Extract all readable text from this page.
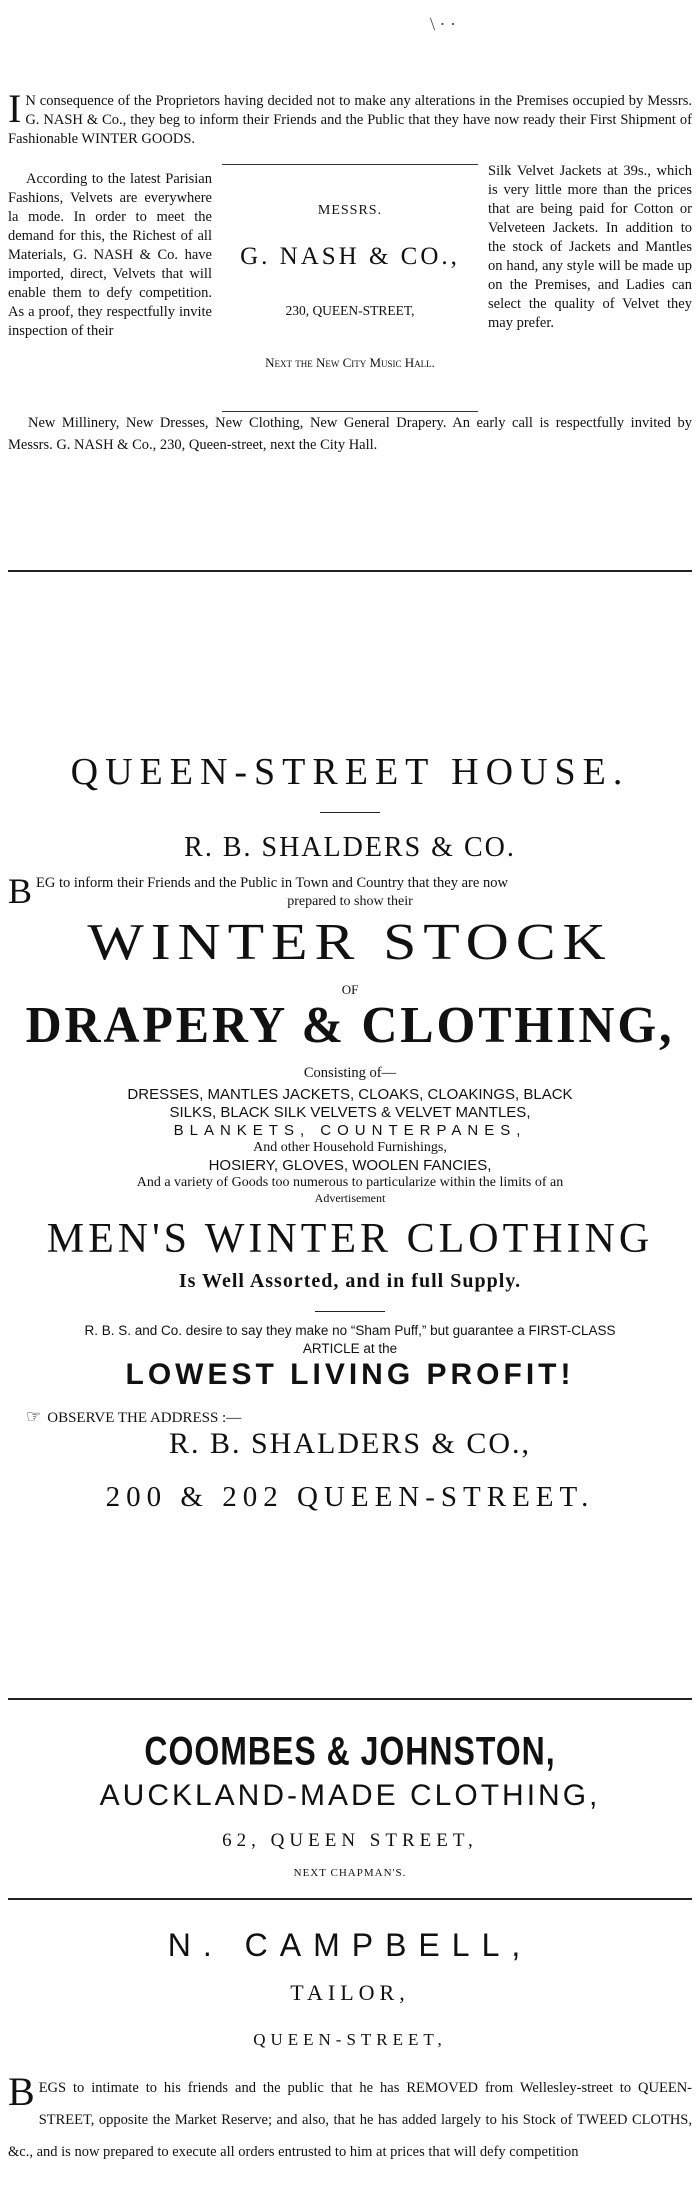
\ · ·
I N consequence of the Proprietors having decided not to make any alterations in the Premises occupied by Messrs. G. NASH & Co., they beg to inform their Friends and the Public that they have now ready their First Shipment of Fashionable WINTER GOODS.
According to the latest Parisian Fashions, Velvets are everywhere la mode. In order to meet the demand for this, the Richest of all Materials, G. NASH & Co. have imported, direct, Velvets that will enable them to defy competition. As a proof, they respectfully invite inspection of their
MESSRS.
G. NASH & CO.,
230, QUEEN-STREET,
Next the New City Music Hall.
Silk Velvet Jackets at 39s., which is very little more than the prices that are being paid for Cotton or Velveteen Jackets. In addition to the stock of Jackets and Mantles on hand, any style will be made up on the Premises, and Ladies can select the quality of Velvet they may prefer.
New Millinery, New Dresses, New Clothing, New General Drapery. An early call is respectfully invited by Messrs. G. NASH & Co., 230, Queen-street, next the City Hall.
QUEEN-STREET HOUSE.
R. B. SHALDERS & CO.
BEG to inform their Friends and the Public in Town and Country that they are now
prepared to show their
WINTER STOCK
OF
DRAPERY & CLOTHING,
Consisting of—
DRESSES, MANTLES JACKETS, CLOAKS, CLOAKINGS, BLACK
SILKS, BLACK SILK VELVETS & VELVET MANTLES,
BLANKETS, COUNTERPANES,
And other Household Furnishings,
HOSIERY, GLOVES, WOOLEN FANCIES,
And a variety of Goods too numerous to particularize within the limits of an
Advertisement
MEN'S WINTER CLOTHING
Is Well Assorted, and in full Supply.
R. B. S. and Co. desire to say they make no “Sham Puff,” but guarantee a FIRST-CLASS
ARTICLE at the
LOWEST LIVING PROFIT!
☞ OBSERVE THE ADDRESS :—
R. B. SHALDERS & CO.,
200 & 202 QUEEN-STREET.
COOMBES & JOHNSTON,
AUCKLAND-MADE CLOTHING,
62, QUEEN STREET,
NEXT CHAPMAN'S.
N. CAMPBELL,
TAILOR,
QUEEN-STREET,
BEGS to intimate to his friends and the public that he has REMOVED from Wellesley-street to QUEEN-STREET, opposite the Market Reserve; and also, that he has added largely to his Stock of TWEED CLOTHS, &c., and is now prepared to execute all orders entrusted to him at prices that will defy competition
